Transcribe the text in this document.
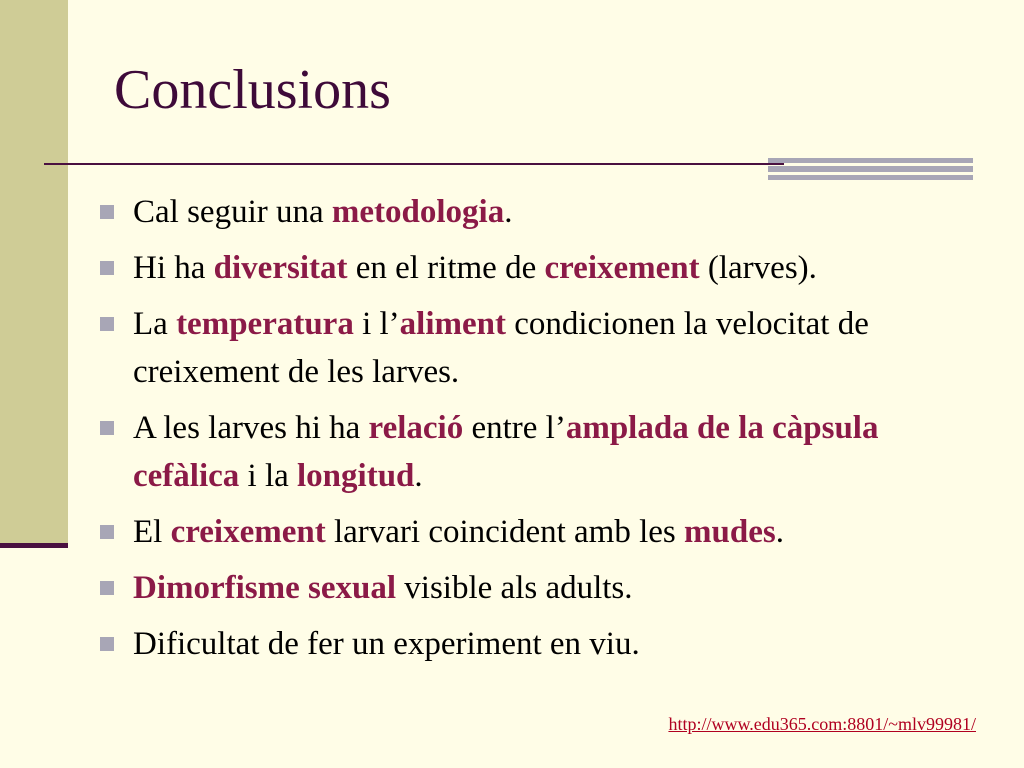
Conclusions
Cal seguir una metodologia.
Hi ha diversitat en el ritme de creixement (larves).
La temperatura i l’aliment condicionen la velocitat de creixement de les larves.
A les larves hi ha relació entre l’amplada de la càpsula cefàlica i la longitud.
El creixement larvari coincident amb les mudes.
Dimorfisme sexual visible als adults.
Dificultat de fer un experiment en viu.
http://www.edu365.com:8801/~mlv99981/
